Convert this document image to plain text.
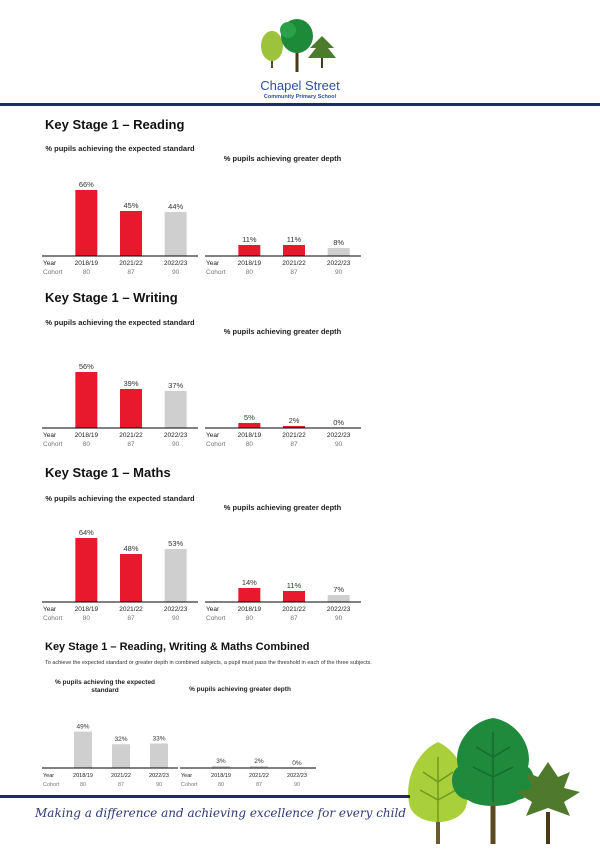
Chapel Street
Community Primary School
Key Stage 1 – Reading
% pupils achieving the expected standard
% pupils achieving greater depth
66%
2018/19
80
45%
2021/22
87
44%
2022/23
90
Year
Cohort
11%
2018/19
80
11%
2021/22
87
8%
2022/23
90
Year
Cohort
Key Stage 1 – Writing
% pupils achieving the expected standard
% pupils achieving greater depth
56%
2018/19
80
39%
2021/22
87
37%
2022/23
90
Year
Cohort
5%
2018/19
80
2%
2021/22
87
0%
2022/23
90
Year
Cohort
Key Stage 1 – Maths
% pupils achieving the expected standard
% pupils achieving greater depth
64%
2018/19
80
48%
2021/22
87
53%
2022/23
90
Year
Cohort
14%
2018/19
80
11%
2021/22
87
7%
2022/23
90
Year
Cohort
Key Stage 1 – Reading, Writing & Maths Combined
To achieve the expected standard or greater depth in combined subjects, a pupil must pass the threshold in each of the three subjects.
% pupils achieving the expected standard	% pupils achieving greater depth
49%
2018/19
80
32%
2021/22
87
33%
2022/23
90
Year
Cohort
3%
2018/19
80
2%
2021/22
87
0%
2022/23
90
Year
Cohort
Making a difference and achieving excellence for every child
